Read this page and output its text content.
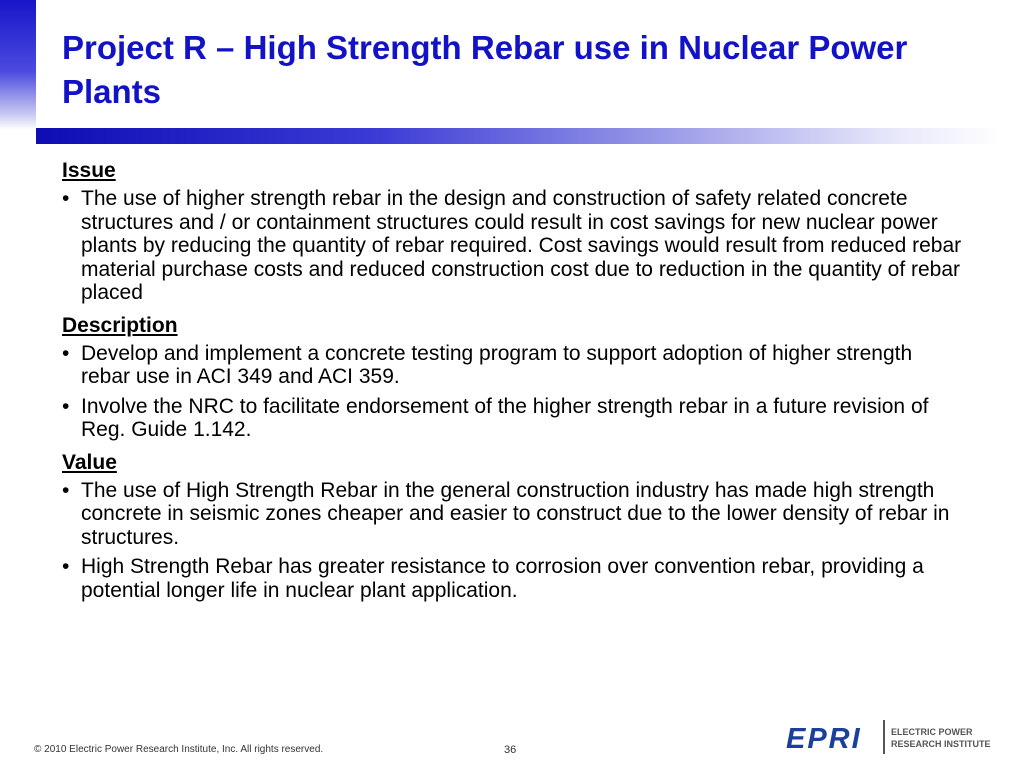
Project R – High Strength Rebar use in Nuclear Power Plants
Issue
• The use of higher strength rebar in the design and construction of safety related concrete structures and / or containment structures could result in cost savings for new nuclear power plants by reducing the quantity of rebar required. Cost savings would result from reduced rebar material purchase costs and reduced construction cost due to reduction in the quantity of rebar placed
Description
• Develop and implement a concrete testing program to support adoption of higher strength rebar use in ACI 349 and ACI 359.
• Involve the NRC to facilitate endorsement of the higher strength rebar in a future revision of Reg. Guide 1.142.
Value
• The use of High Strength Rebar in the general construction industry has made high strength concrete in seismic zones cheaper and easier to construct due to the lower density of rebar in structures.
• High Strength Rebar has greater resistance to corrosion over convention rebar, providing a potential longer life in nuclear plant application.
© 2010 Electric Power Research Institute, Inc. All rights reserved.	36	EPRI	ELECTRIC POWER
RESEARCH INSTITUTE
